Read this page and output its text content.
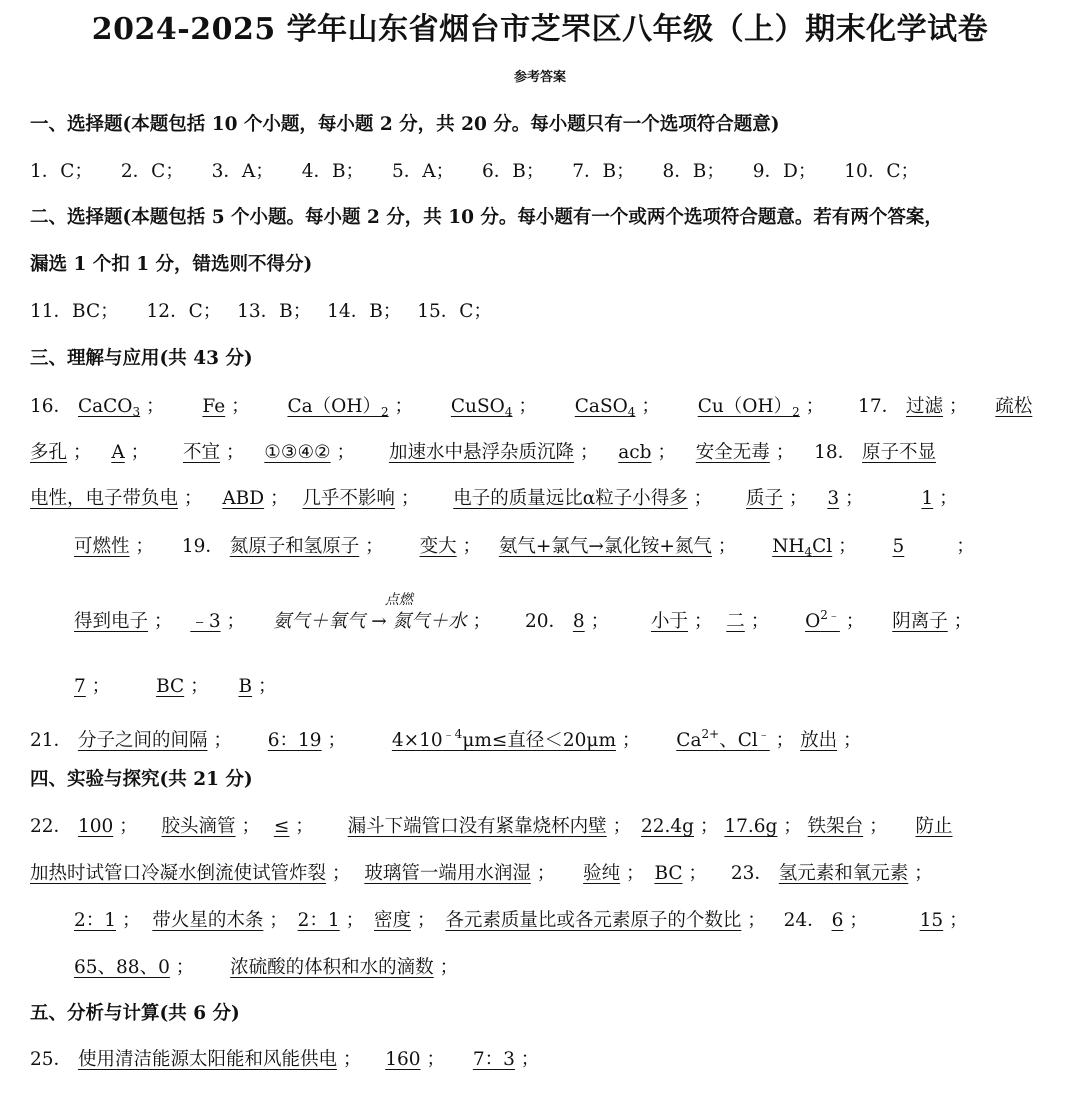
2024-2025 学年山东省烟台市芝罘区八年级（上）期末化学试卷
参考答案
一、选择题(本题包括 10 个小题，每小题 2 分，共 20 分。每小题只有一个选项符合题意)
1．C； 2．C； 3．A； 4．B； 5．A； 6．B； 7．B； 8．B； 9．D； 10．C；
二、选择题(本题包括 5 个小题。每小题 2 分，共 10 分。每小题有一个或两个选项符合题意。若有两个答案，
漏选 1 个扣 1 分，错选则不得分)
11．BC； 12．C； 13．B； 14．B； 15．C；
三、理解与应用(共 43 分)
16． CaCO$_3$ ； Fe ； $Ca(OH)_2$ ； CuSO$_4$ ； CaSO$_4$ ； $Cu(OH)_2$ ； 17． 过滤 ； 疏松
多孔 ； A ； 不宜 ； ①③④② ； 加速水中悬浮杂质沉降 ； acb ； 安全无毒 ； 18． 原子不显
电性，电子带负电 ； ABD ； 几乎不影响 ； 电子的质量远比α粒子小得多 ； 质子 ； 3 ；	1 ；
可燃性 ； 19． 氮原子和氢原子 ； 变大 ； 氨气+氯气→氯化铵+氮气 ； $NH_4Cl$ ； 5	；
得到电子 ； ﹣3 ；
点燃
氨气＋氧气 → 氮气＋水 ； 20． 8 ； 小于 ； 二 ； $O^{2﹣}$ ； 阴离子 ；
7 ； BC ； B ；
21． 分子之间的间隔 ； 6：19 ； $4\times 10^{﹣4}\mu m\le$直径＜20μm ； $Ca^{2+}$、Cl﹣ ； 放出 ；
四、实验与探究(共 21 分)
22． 100 ； 胶头滴管 ； ≤ ； 漏斗下端管口没有紧靠烧杯内壁 ； 22.4g ； 17.6g ； 铁架台 ； 防止
加热时试管口冷凝水倒流使试管炸裂 ； 玻璃管一端用水润湿 ； 验纯 ； BC ； 23． 氢元素和氧元素 ；
2：1 ； 带火星的木条 ； 2：1 ； 密度 ； 各元素质量比或各元素原子的个数比 ； 24． 6 ；	15 ；
65、88、0 ； 浓硫酸的体积和水的滴数 ；
五、分析与计算(共 6 分)
25． 使用清洁能源太阳能和风能供电 ； 160 ； 7：3 ；
